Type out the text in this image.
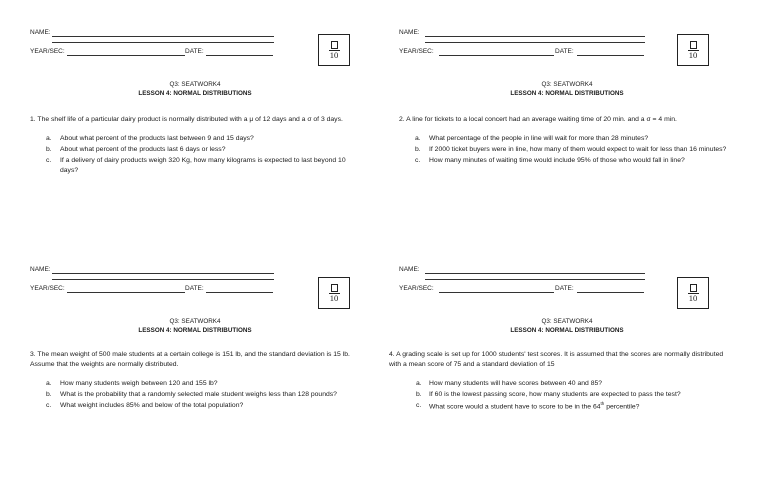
NAME:
YEAR/SEC:	DATE:	10
Q3: SEATWORK4
LESSON 4: NORMAL DISTRIBUTIONS
1. The shelf life of a particular dairy product is normally distributed with a μ of 12 days and a σ of 3 days.
a. About what percent of the products last between 9 and 15 days?
b. About what percent of the products last 6 days or less?
c. If a delivery of dairy products weigh 320 Kg, how many kilograms is expected to last beyond 10 days?
NAME:
YEAR/SEC:	DATE:	10
Q3: SEATWORK4
LESSON 4: NORMAL DISTRIBUTIONS
2. A line for tickets to a local concert had an average waiting time of 20 min. and a σ = 4 min.
a. What percentage of the people in line will wait for more than 28 minutes?
b. If 2000 ticket buyers were in line, how many of them would expect to wait for less than 16 minutes?
c. How many minutes of waiting time would include 95% of those who would fall in line?
NAME:
YEAR/SEC:	DATE:
10
Q3: SEATWORK4
LESSON 4: NORMAL DISTRIBUTIONS
3. The mean weight of 500 male students at a certain college is 151 lb, and the standard deviation is 15 lb. Assume that the weights are normally distributed.
a. How many students weigh between 120 and 155 lb?
b. What is the probability that a randomly selected male student weighs less than 128 pounds?
c. What weight includes 85% and below of the total population?
NAME:
YEAR/SEC:	DATE:
10
Q3: SEATWORK4
LESSON 4: NORMAL DISTRIBUTIONS
4. A grading scale is set up for 1000 students' test scores. It is assumed that the scores are normally distributed with a mean score of 75 and a standard deviation of 15
a. How many students will have scores between 40 and 85?
b. If 60 is the lowest passing score, how many students are expected to pass the test?
c. What score would a student have to score to be in the 64th percentile?
